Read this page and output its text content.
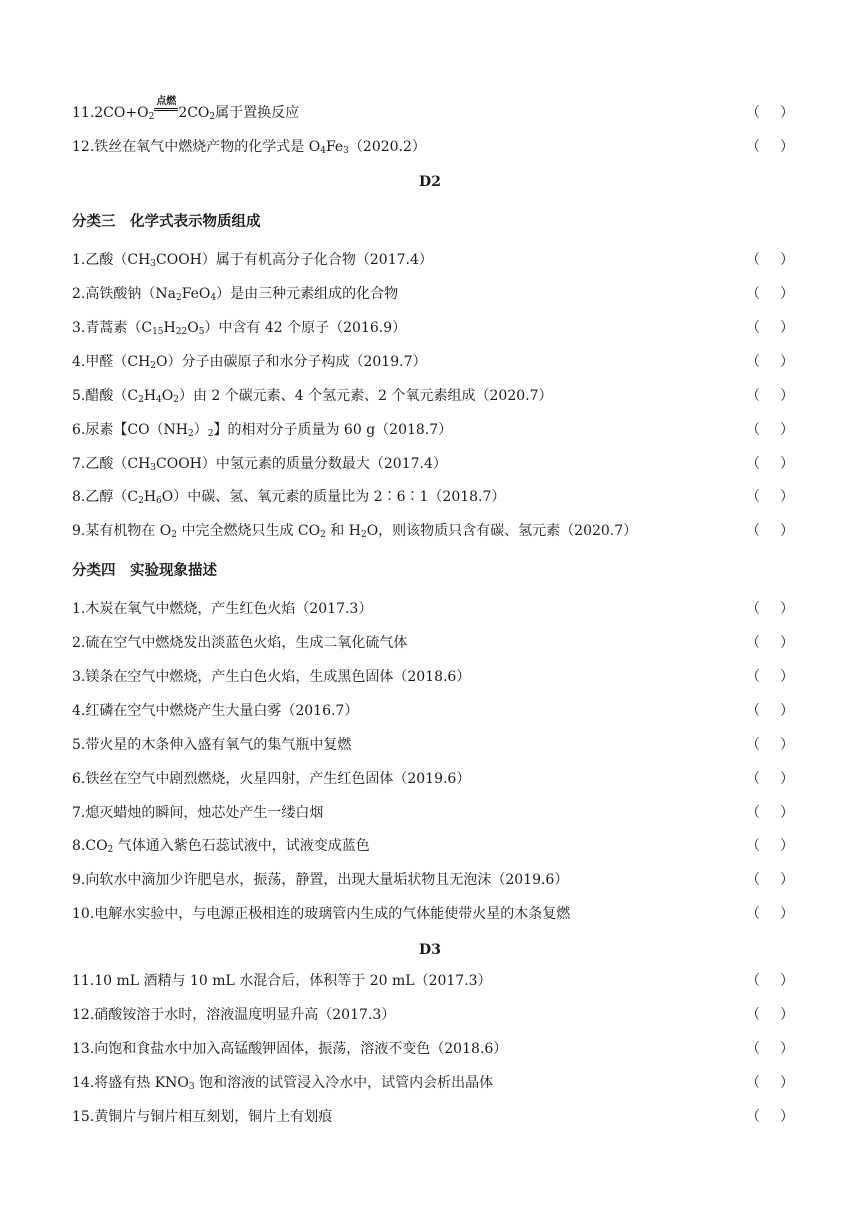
$11.2CO+O_2$
点燃
$2CO_2$属于置换反应	（ ）
12.铁丝在氧气中燃烧产物的化学式是 $O_4Fe_3(2020.2)$	（ ）
D2
分类三　化学式表示物质组成
1.乙酸$(CH_3COOH)$属于有机高分子化合物（2017.4）	（ ）
2.高铁酸钠$(Na_2FeO_4)$是由三种元素组成的化合物	（ ）
3.青蒿素$(C_{15}H_{22}O_5)$中含有 42 个原子（2016.9）	（ ）
4.甲醛$(CH_2O)$分子由碳原子和水分子构成（2019.7）	（ ）
5.醋酸$(C_2H_4O_2)$由 2 个碳元素、4 个氢元素、2 个氧元素组成（2020.7）	（ ）
6.尿素【$CO(NH_2)_2$】的相对分子质量为 60 g（2018.7）	（ ）
7.乙酸$(CH_3COOH)$中氢元素的质量分数最大（2017.4）	（ ）
8.乙醇$(C_2H_6O)$中碳、氢、氧元素的质量比为 2∶6∶1（2018.7）	（ ）
9.某有机物在 $O_2$ 中完全燃烧只生成 $CO_2$ 和 $H_2O$，则该物质只含有碳、氢元素（2020.7）	（ ）
分类四　实验现象描述
1.木炭在氧气中燃烧，产生红色火焰（2017.3）	（ ）
2.硫在空气中燃烧发出淡蓝色火焰，生成二氧化硫气体	（ ）
3.镁条在空气中燃烧，产生白色火焰，生成黑色固体（2018.6）	（ ）
4.红磷在空气中燃烧产生大量白雾（2016.7）	（ ）
5.带火星的木条伸入盛有氧气的集气瓶中复燃	（ ）
6.铁丝在空气中剧烈燃烧，火星四射，产生红色固体（2019.6）	（ ）
7.熄灭蜡烛的瞬间，烛芯处产生一缕白烟	（ ）
$8.CO_2$ 气体通入紫色石蕊试液中，试液变成蓝色	（ ）
9.向软水中滴加少许肥皂水，振荡，静置，出现大量垢状物且无泡沫（2019.6）	（ ）
10.电解水实验中，与电源正极相连的玻璃管内生成的气体能使带火星的木条复燃	（ ）
D3
11.10 mL 酒精与 10 mL 水混合后，体积等于 20 mL（2017.3）	（ ）
12.硝酸铵溶于水时，溶液温度明显升高（2017.3）	（ ）
13.向饱和食盐水中加入高锰酸钾固体，振荡，溶液不变色（2018.6）	（ ）
14.将盛有热 $KNO_3$ 饱和溶液的试管浸入冷水中，试管内会析出晶体	（ ）
15.黄铜片与铜片相互刻划，铜片上有划痕	（ ）
